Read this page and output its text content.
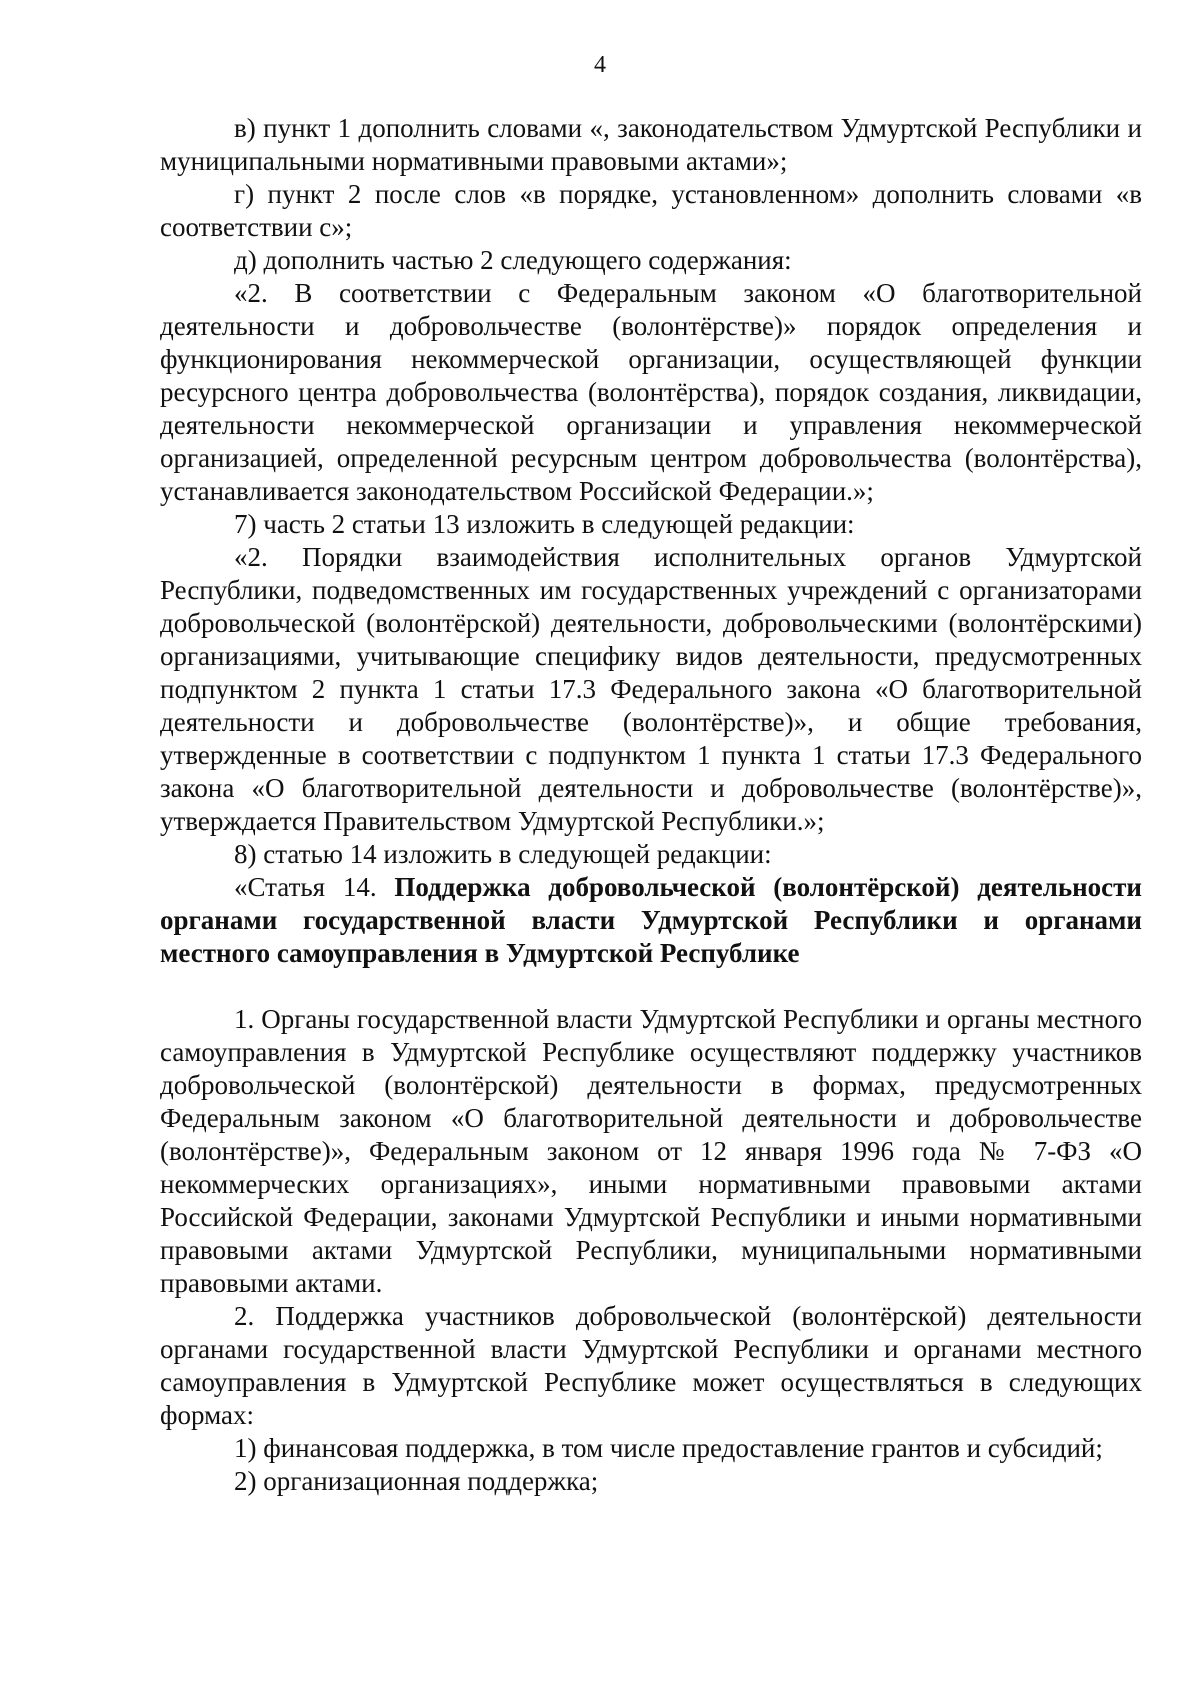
4

в) пункт 1 дополнить словами «, законодательством Удмуртской Республики и муниципальными нормативными правовыми актами»;

г) пункт 2 после слов «в порядке, установленном» дополнить словами «в соответствии с»;

д) дополнить частью 2 следующего содержания:

«2. В соответствии с Федеральным законом «О благотворительной деятельности и добровольчестве (волонтёрстве)» порядок определения и функционирования некоммерческой организации, осуществляющей функции ресурсного центра добровольчества (волонтёрства), порядок создания, ликвидации, деятельности некоммерческой организации и управления некоммерческой организацией, определенной ресурсным центром добровольчества (волонтёрства), устанавливается законодательством Российской Федерации.»;

7) часть 2 статьи 13 изложить в следующей редакции:

«2. Порядки взаимодействия исполнительных органов Удмуртской Республики, подведомственных им государственных учреждений с организаторами добровольческой (волонтёрской) деятельности, добровольческими (волонтёрскими) организациями, учитывающие специфику видов деятельности, предусмотренных подпунктом 2 пункта 1 статьи 17.3 Федерального закона «О благотворительной деятельности и добровольчестве (волонтёрстве)», и общие требования, утвержденные в соответствии с подпунктом 1 пункта 1 статьи 17.3 Федерального закона «О благотворительной деятельности и добровольчестве (волонтёрстве)», утверждается Правительством Удмуртской Республики.»;

8) статью 14 изложить в следующей редакции:

«Статья 14. Поддержка добровольческой (волонтёрской) деятельности органами государственной власти Удмуртской Республики и органами местного самоуправления в Удмуртской Республике

1. Органы государственной власти Удмуртской Республики и органы местного самоуправления в Удмуртской Республике осуществляют поддержку участников добровольческой (волонтёрской) деятельности в формах, предусмотренных Федеральным законом «О благотворительной деятельности и добровольчестве (волонтёрстве)», Федеральным законом от 12 января 1996 года № 7-ФЗ «О некоммерческих организациях», иными нормативными правовыми актами Российской Федерации, законами Удмуртской Республики и иными нормативными правовыми актами Удмуртской Республики, муниципальными нормативными правовыми актами.

2. Поддержка участников добровольческой (волонтёрской) деятельности органами государственной власти Удмуртской Республики и органами местного самоуправления в Удмуртской Республике может осуществляться в следующих формах:

1) финансовая поддержка, в том числе предоставление грантов и субсидий;

2) организационная поддержка;
